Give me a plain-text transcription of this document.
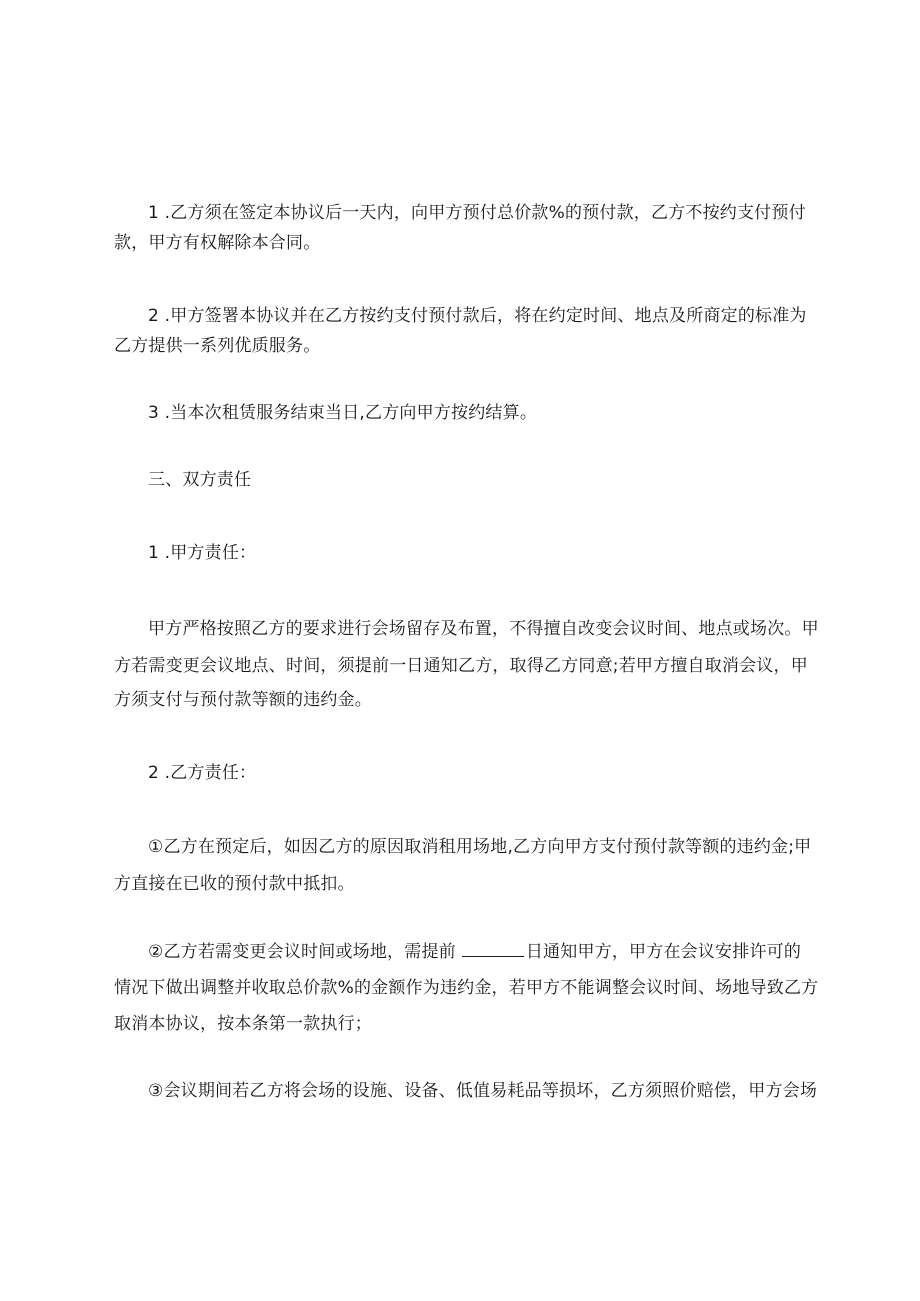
1 .乙方须在签定本协议后一天内，向甲方预付总价款%的预付款，乙方不按约支付预付
款，甲方有权解除本合同。
2 .甲方签署本协议并在乙方按约支付预付款后，将在约定时间、地点及所商定的标准为
乙方提供一系列优质服务。
3 .当本次租赁服务结束当日,乙方向甲方按约结算。
三、双方责任
1 .甲方责任：
甲方严格按照乙方的要求进行会场留存及布置，不得擅自改变会议时间、地点或场次。甲
方若需变更会议地点、时间，须提前一日通知乙方，取得乙方同意;若甲方擅自取消会议，甲
方须支付与预付款等额的违约金。
2 .乙方责任：
①乙方在预定后，如因乙方的原因取消租用场地,乙方向甲方支付预付款等额的违约金;甲
方直接在已收的预付款中抵扣。
②乙方若需变更会议时间或场地，需提前	日通知甲方，甲方在会议安排许可的
情况下做出调整并收取总价款%的金额作为违约金，若甲方不能调整会议时间、场地导致乙方
取消本协议，按本条第一款执行；
③会议期间若乙方将会场的设施、设备、低值易耗品等损坏，乙方须照价赔偿，甲方会场
